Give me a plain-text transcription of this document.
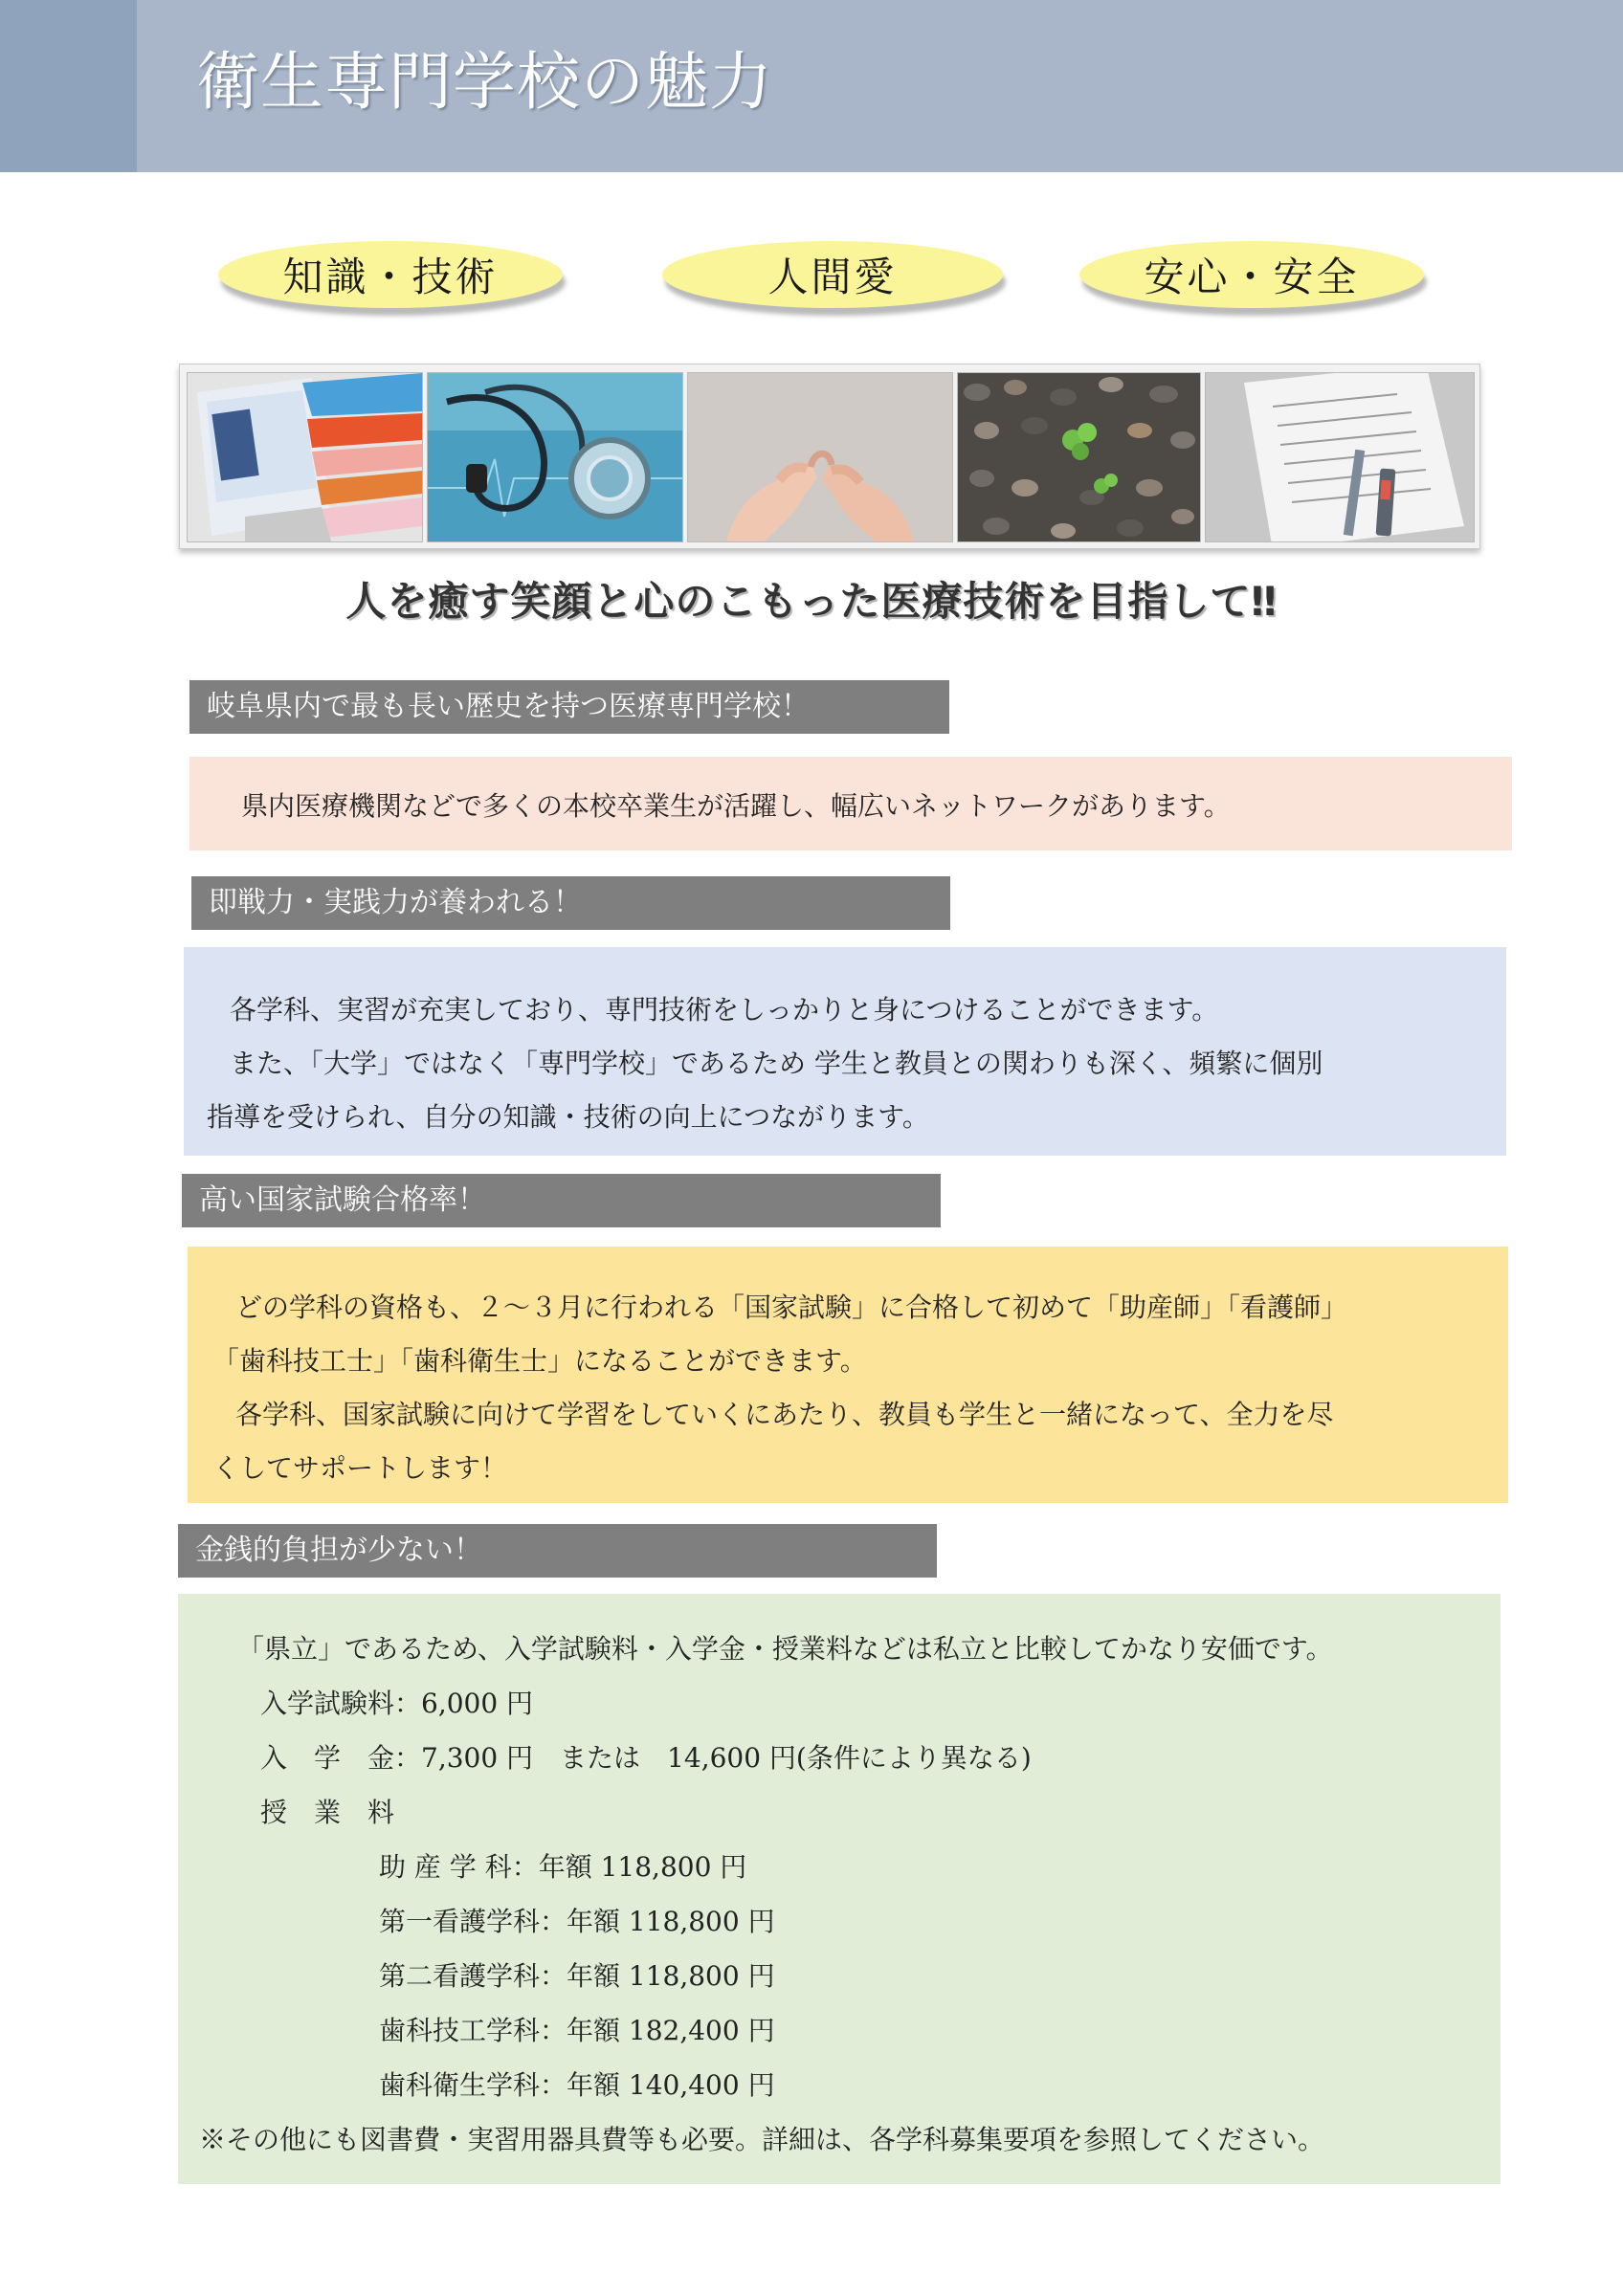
衛生専門学校の魅力
知識・技術	人間愛	安心・安全
人を癒す笑顔と心のこもった医療技術を目指して‼
岐阜県内で最も長い歴史を持つ医療専門学校！

県内医療機関などで多くの本校卒業生が活躍し、幅広いネットワークがあります。

即戦力・実践力が養われる！

各学科、実習が充実しており、専門技術をしっかりと身につけることができます。

また、「大学」ではなく「専門学校」であるため 学生と教員との関わりも深く、頻繁に個別

指導を受けられ、自分の知識・技術の向上につながります。

高い国家試験合格率！

どの学科の資格も、２～３月に行われる「国家試験」に合格して初めて「助産師」「看護師」

「歯科技工士」「歯科衛生士」になることができます。

各学科、国家試験に向けて学習をしていくにあたり、教員も学生と一緒になって、全力を尽

くしてサポートします！

金銭的負担が少ない！
「県立」であるため、入学試験料・入学金・授業料などは私立と比較してかなり安価です。
入学試験料：6,000 円
入　学　金：7,300 円　または　14,600 円(条件により異なる)
授　業　料
助 産 学 科：年額 118,800 円
第一看護学科：年額 118,800 円
第二看護学科：年額 118,800 円
歯科技工学科：年額 182,400 円
歯科衛生学科：年額 140,400 円
※その他にも図書費・実習用器具費等も必要。詳細は、各学科募集要項を参照してください。
